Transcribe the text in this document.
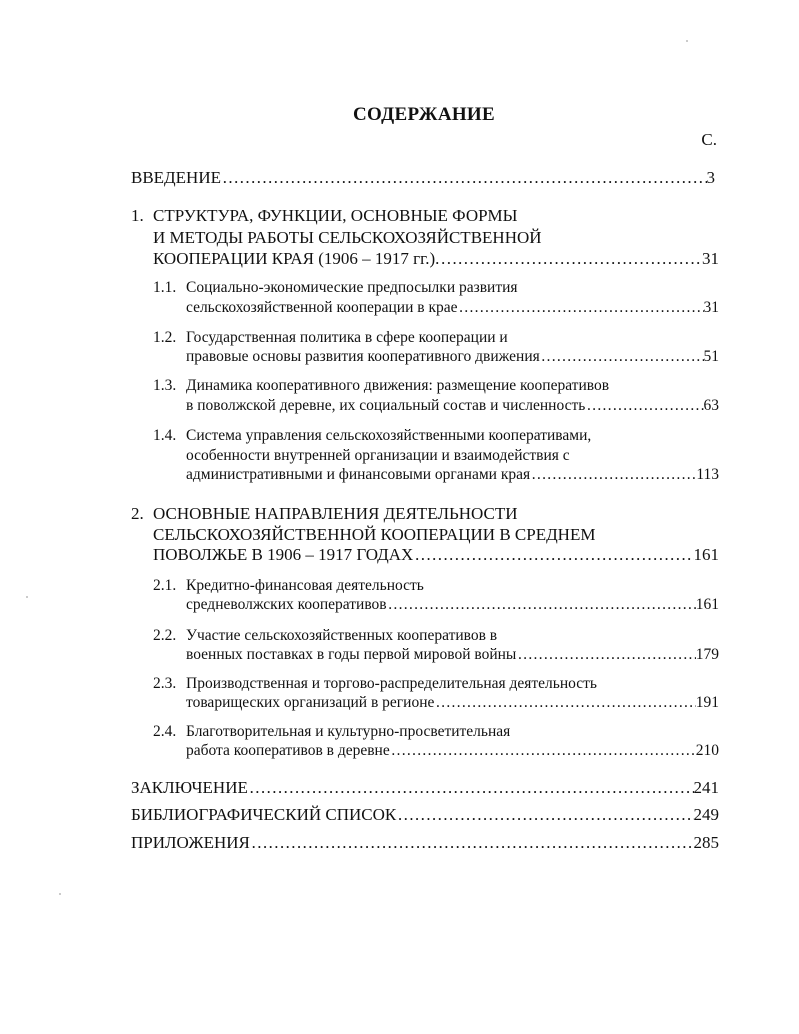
СОДЕРЖАНИЕ
С.
ВВЕДЕНИЕ ………………………………………………………………………………………………………………………………………………………………	3
1. СТРУКТУРА, ФУНКЦИИ, ОСНОВНЫЕ ФОРМЫ
И МЕТОДЫ РАБОТЫ СЕЛЬСКОХОЗЯЙСТВЕННОЙ
КООПЕРАЦИИ КРАЯ (1906 – 1917 гг.). ………………………………………………………………………………………………………………………………………………………………	31
1.1. Социально-экономические предпосылки развития
сельскохозяйственной кооперации в крае ………………………………………………………………………………………………………………………………………………………………	31
1.2. Государственная политика в сфере кооперации и
правовые основы развития кооперативного движения ………………………………………………………………………………………………………………………………………………………………	51
1.3. Динамика кооперативного движения: размещение кооперативов
в поволжской деревне, их социальный состав и численность ………………………………………………………………………………………………………………………………………………………………	63
1.4. Система управления сельскохозяйственными кооперативами,
особенности внутренней организации и взаимодействия с
административными и финансовыми органами края ………………………………………………………………………………………………………………………………………………………………	113
2. ОСНОВНЫЕ НАПРАВЛЕНИЯ ДЕЯТЕЛЬНОСТИ
СЕЛЬСКОХОЗЯЙСТВЕННОЙ КООПЕРАЦИИ В СРЕДНЕМ
ПОВОЛЖЬЕ В 1906 – 1917 ГОДАХ ………………………………………………………………………………………………………………………………………………………………	161
2.1. Кредитно-финансовая деятельность
средневолжских кооперативов ………………………………………………………………………………………………………………………………………………………………	161
2.2. Участие сельскохозяйственных кооперативов в
военных поставках в годы первой мировой войны ………………………………………………………………………………………………………………………………………………………………	179
2.3. Производственная и торгово-распределительная деятельность
товарищеских организаций в регионе ………………………………………………………………………………………………………………………………………………………………	191
2.4. Благотворительная и культурно-просветительная
работа кооперативов в деревне ………………………………………………………………………………………………………………………………………………………………	210
ЗАКЛЮЧЕНИЕ ………………………………………………………………………………………………………………………………………………………………	241
БИБЛИОГРАФИЧЕСКИЙ СПИСОК ………………………………………………………………………………………………………………………………………………………………	249
ПРИЛОЖЕНИЯ ………………………………………………………………………………………………………………………………………………………………	285
